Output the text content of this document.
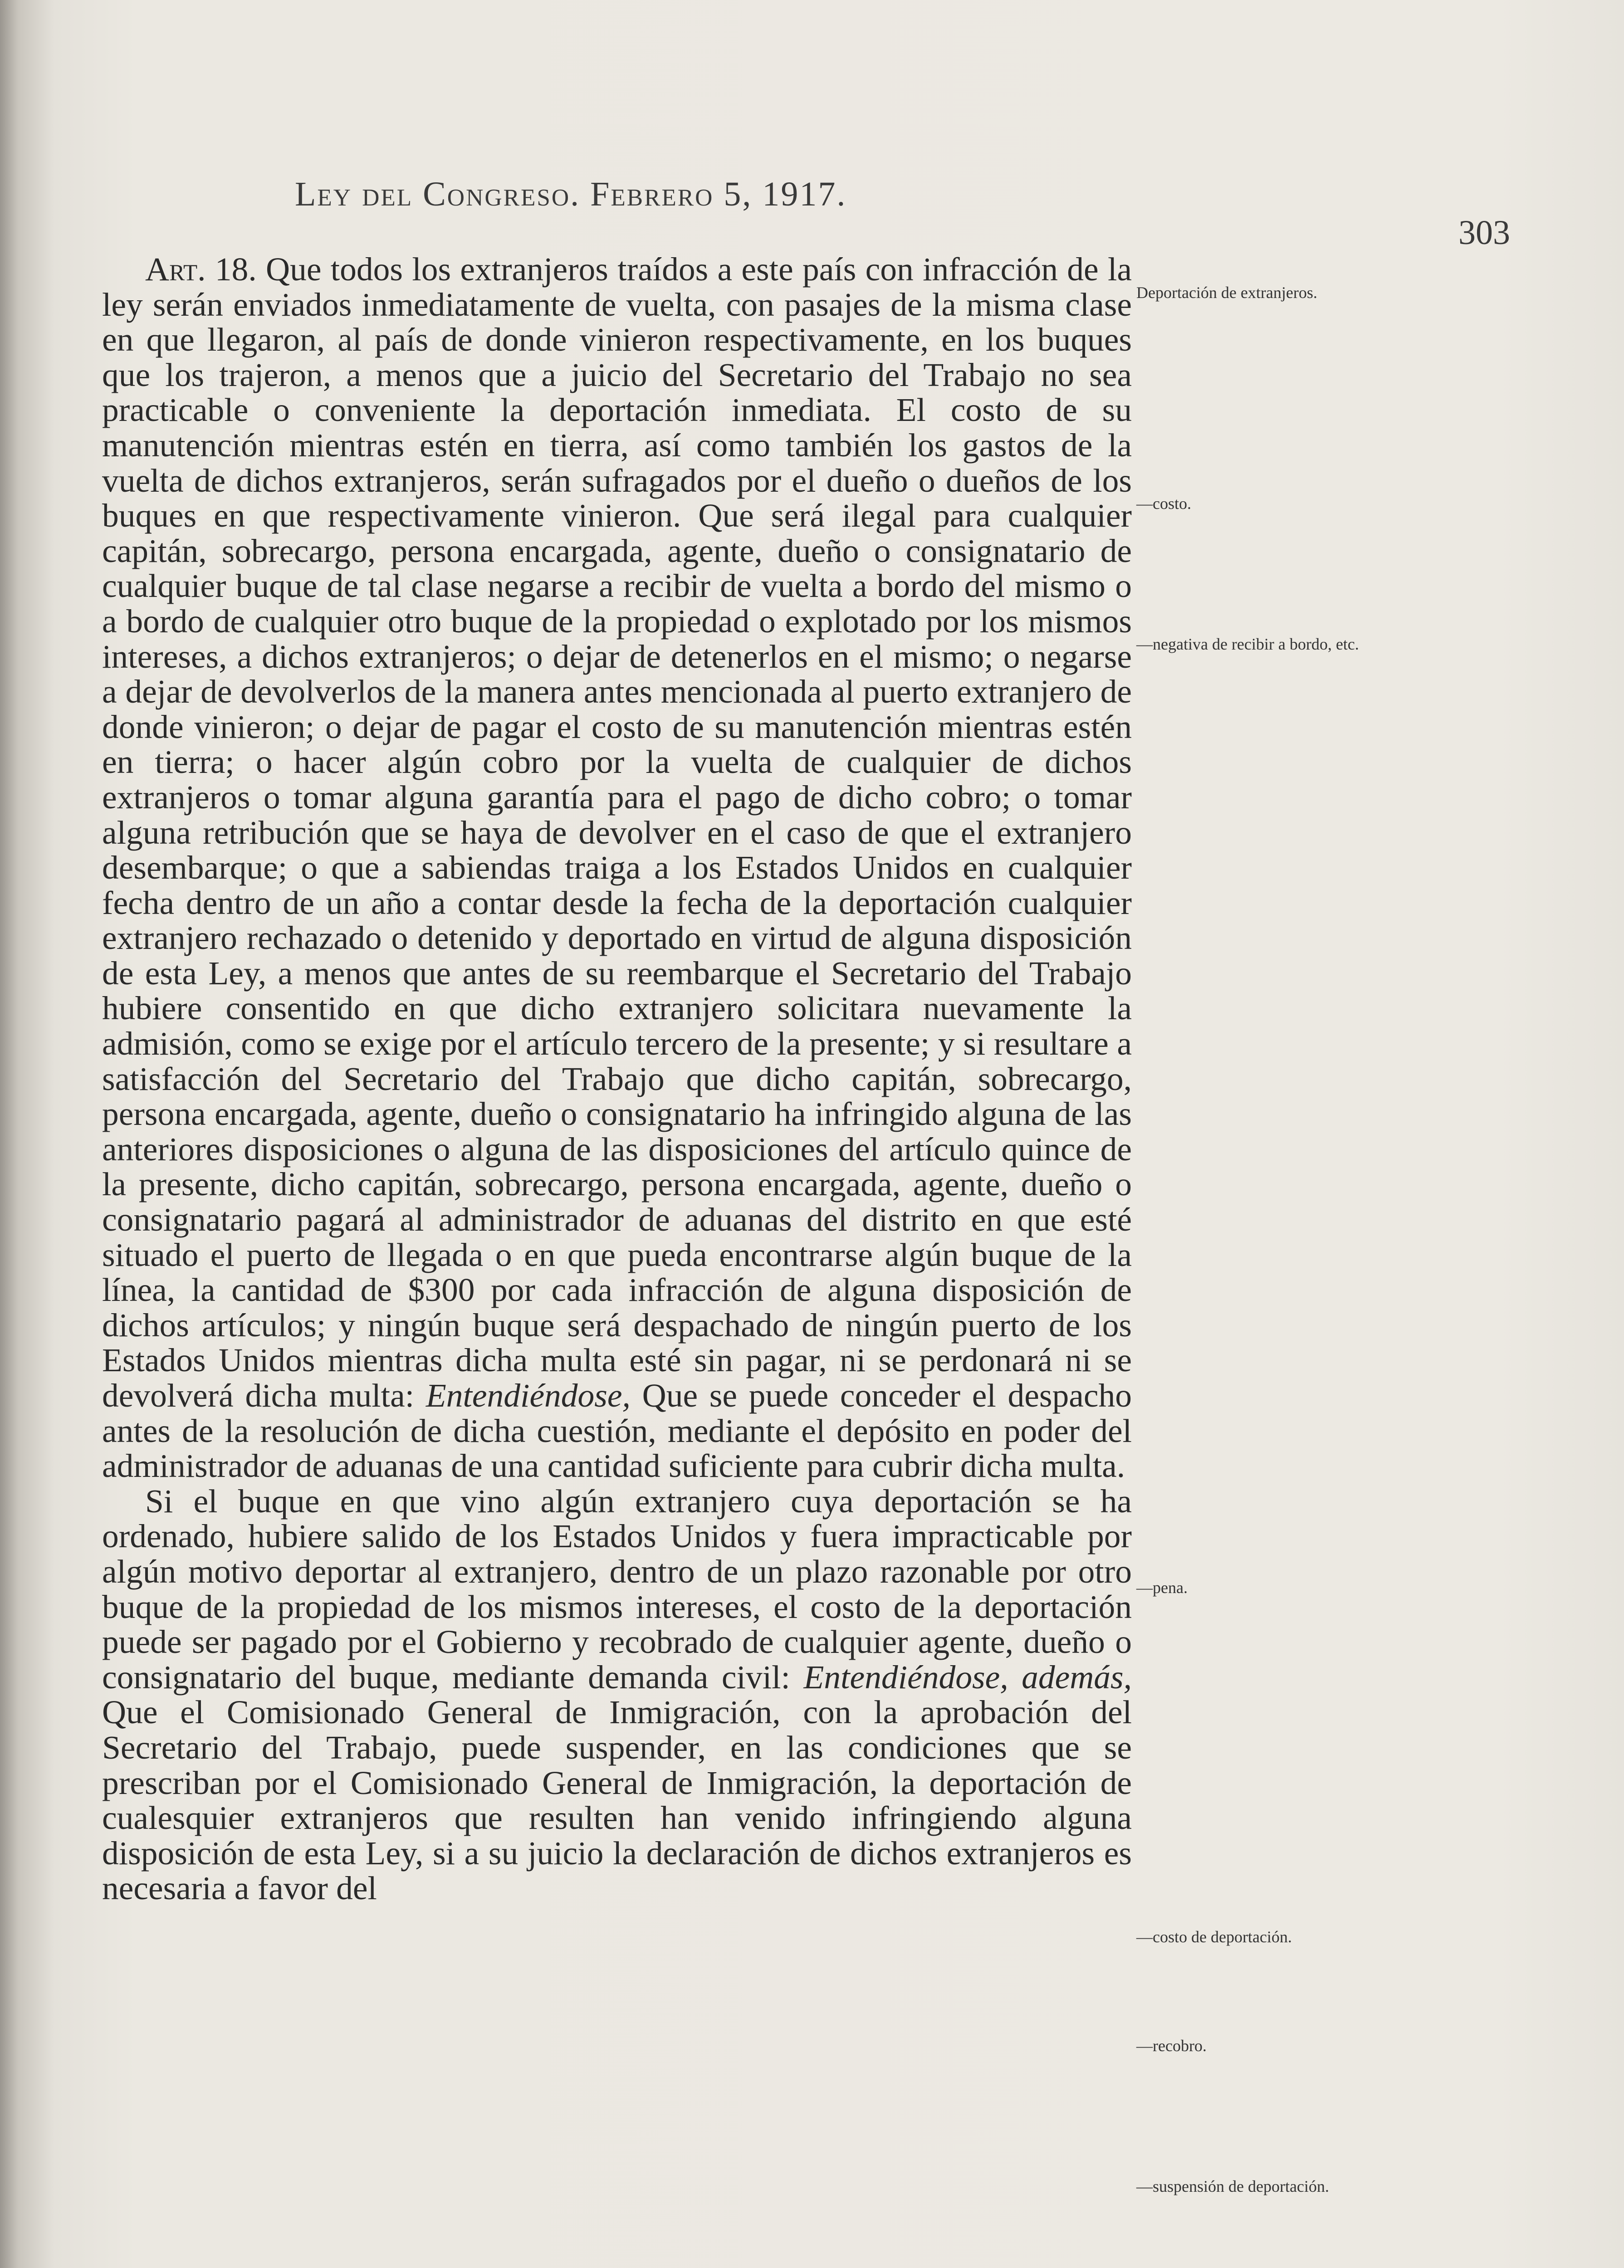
Ley del Congreso. Febrero 5, 1917.
303

Art. 18. Que todos los extranjeros traídos a este país con infracción de la ley serán enviados inmediatamente de vuelta, con pasajes de la misma clase en que llegaron, al país de donde vinieron respectivamente, en los buques que los trajeron, a menos que a juicio del Secretario del Trabajo no sea practicable o conveniente la deportación inmediata. El costo de su manutención mientras estén en tierra, así como también los gastos de la vuelta de dichos extranjeros, serán sufragados por el dueño o dueños de los buques en que respectivamente vinieron. Que será ilegal para cualquier capitán, sobrecargo, persona encargada, agente, dueño o consignatario de cualquier buque de tal clase negarse a recibir de vuelta a bordo del mismo o a bordo de cualquier otro buque de la propiedad o explotado por los mismos intereses, a dichos extranjeros; o dejar de detenerlos en el mismo; o negarse a dejar de devolverlos de la manera antes mencionada al puerto extranjero de donde vinieron; o dejar de pagar el costo de su manutención mientras estén en tierra; o hacer algún cobro por la vuelta de cualquier de dichos extranjeros o tomar alguna garantía para el pago de dicho cobro; o tomar alguna retribución que se haya de devolver en el caso de que el extranjero desembarque; o que a sabiendas traiga a los Estados Unidos en cualquier fecha dentro de un año a contar desde la fecha de la deportación cualquier extranjero rechazado o detenido y deportado en virtud de alguna disposición de esta Ley, a menos que antes de su reembarque el Secretario del Trabajo hubiere consentido en que dicho extranjero solicitara nuevamente la admisión, como se exige por el artículo tercero de la presente; y si resultare a satisfacción del Secretario del Trabajo que dicho capitán, sobrecargo, persona encargada, agente, dueño o consignatario ha infringido alguna de las anteriores disposiciones o alguna de las disposiciones del artículo quince de la presente, dicho capitán, sobrecargo, persona encargada, agente, dueño o consignatario pagará al administrador de aduanas del distrito en que esté situado el puerto de llegada o en que pueda encontrarse algún buque de la línea, la cantidad de $300 por cada infracción de alguna disposición de dichos artículos; y ningún buque será despachado de ningún puerto de los Estados Unidos mientras dicha multa esté sin pagar, ni se perdonará ni se devolverá dicha multa: Entendiéndose, Que se puede conceder el despacho antes de la resolución de dicha cuestión, mediante el depósito en poder del administrador de aduanas de una cantidad suficiente para cubrir dicha multa.

Si el buque en que vino algún extranjero cuya deportación se ha ordenado, hubiere salido de los Estados Unidos y fuera impracticable por algún motivo deportar al extranjero, dentro de un plazo razonable por otro buque de la propiedad de los mismos intereses, el costo de la deportación puede ser pagado por el Gobierno y recobrado de cualquier agente, dueño o consignatario del buque, mediante demanda civil: Entendiéndose, además, Que el Comisionado General de Inmigración, con la aprobación del Secretario del Trabajo, puede suspender, en las condiciones que se prescriban por el Comisionado General de Inmigración, la deportación de cualesquier extranjeros que resulten han venido infringiendo alguna disposición de esta Ley, si a su juicio la declaración de dichos extranjeros es necesaria a favor del

Deportación de extranjeros.
—costo.
—negativa de recibir a bordo, etc.
—pena.
—costo de deportación.
—recobro.
—suspensión de deportación.
